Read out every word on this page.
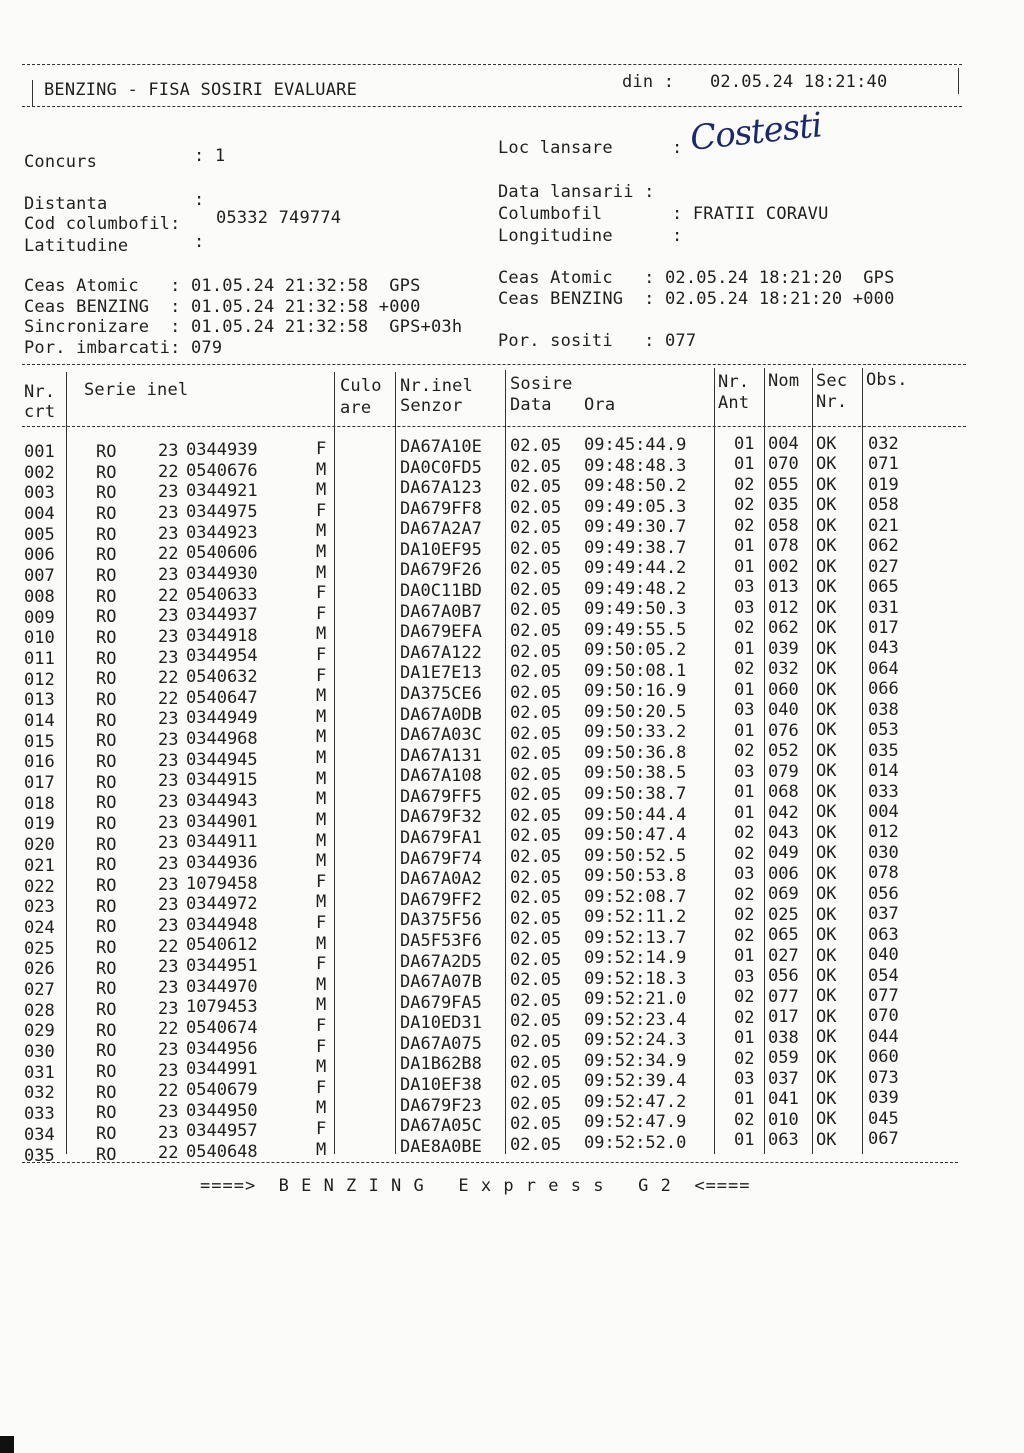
BENZING - FISA SOSIRI EVALUARE	din : 02.05.24 18:21:40
Concurs	: 1	Loc lansare	: Costesti
Distanta	:	Data lansarii :
Cod columbofil: 05332 749774	Columbofil	: FRATII CORAVU
Latitudine	:	Longitudine	:
Ceas Atomic   : 01.05.24 21:32:58  GPS	Ceas Atomic   : 02.05.24 18:21:20  GPS
Ceas BENZING  : 01.05.24 21:32:58 +000	Ceas BENZING  : 02.05.24 18:21:20 +000
Sincronizare  : 01.05.24 21:32:58  GPS+03h
Por. imbarcati: 079	Por. sositi   : 077
Nr.
crt
Serie inel	Culo
are
Nr.inel
Senzor
Sosire
Data Ora
Nr.
Ant
Nom Sec
Nr.
Obs.
001 RO 23 0344939	F	DA67A10E 02.05 09:45:44.9	01 004 OK 032
002 RO 22 0540676	M	DA0C0FD5 02.05 09:48:48.3	01 070 OK 071
003 RO 23 0344921	M	DA67A123 02.05 09:48:50.2	02 055 OK 019
004 RO 23 0344975	F	DA679FF8 02.05 09:49:05.3	02 035 OK 058
005 RO 23 0344923	M	DA67A2A7 02.05 09:49:30.7	02 058 OK 021
006 RO 22 0540606	M	DA10EF95 02.05 09:49:38.7	01 078 OK 062
007 RO 23 0344930	M	DA679F26 02.05 09:49:44.2	01 002 OK 027
008 RO 22 0540633	F	DA0C11BD 02.05 09:49:48.2	03 013 OK 065
009 RO 23 0344937	F	DA67A0B7 02.05 09:49:50.3	03 012 OK 031
010 RO 23 0344918	M	DA679EFA 02.05 09:49:55.5	02 062 OK 017
011 RO 23 0344954	F	DA67A122 02.05 09:50:05.2	01 039 OK 043
012 RO 22 0540632	F	DA1E7E13 02.05 09:50:08.1	02 032 OK 064
013 RO 22 0540647	M	DA375CE6 02.05 09:50:16.9	01 060 OK 066
014 RO 23 0344949	M	DA67A0DB 02.05 09:50:20.5	03 040 OK 038
015 RO 23 0344968	M	DA67A03C 02.05 09:50:33.2	01 076 OK 053
016 RO 23 0344945	M	DA67A131 02.05 09:50:36.8	02 052 OK 035
017 RO 23 0344915	M	DA67A108 02.05 09:50:38.5	03 079 OK 014
018 RO 23 0344943	M	DA679FF5 02.05 09:50:38.7	01 068 OK 033
019 RO 23 0344901	M	DA679F32 02.05 09:50:44.4	01 042 OK 004
020 RO 23 0344911	M	DA679FA1 02.05 09:50:47.4	02 043 OK 012
021 RO 23 0344936	M	DA679F74 02.05 09:50:52.5	02 049 OK 030
022 RO 23 1079458	F	DA67A0A2 02.05 09:50:53.8	03 006 OK 078
023 RO 23 0344972	M	DA679FF2 02.05 09:52:08.7	02 069 OK 056
024 RO 23 0344948	F	DA375F56 02.05 09:52:11.2	02 025 OK 037
025 RO 22 0540612	M	DA5F53F6 02.05 09:52:13.7	02 065 OK 063
026 RO 23 0344951	F	DA67A2D5 02.05 09:52:14.9	01 027 OK 040
027 RO 23 0344970	M	DA67A07B 02.05 09:52:18.3	03 056 OK 054
028 RO 23 1079453	M	DA679FA5 02.05 09:52:21.0	02 077 OK 077
029 RO 22 0540674	F	DA10ED31 02.05 09:52:23.4	02 017 OK 070
030 RO 23 0344956	F	DA67A075 02.05 09:52:24.3	01 038 OK 044
031 RO 23 0344991	M	DA1B62B8 02.05 09:52:34.9	02 059 OK 060
032 RO 22 0540679	F	DA10EF38 02.05 09:52:39.4	03 037 OK 073
033 RO 23 0344950	M	DA679F23 02.05 09:52:47.2	01 041 OK 039
034 RO 23 0344957	F	DA67A05C 02.05 09:52:47.9	02 010 OK 045
035 RO 22 0540648	M	DAE8A0BE 02.05 09:52:52.0	01 063 OK 067
====>  B E N Z I N G   E x p r e s s   G 2  <====
